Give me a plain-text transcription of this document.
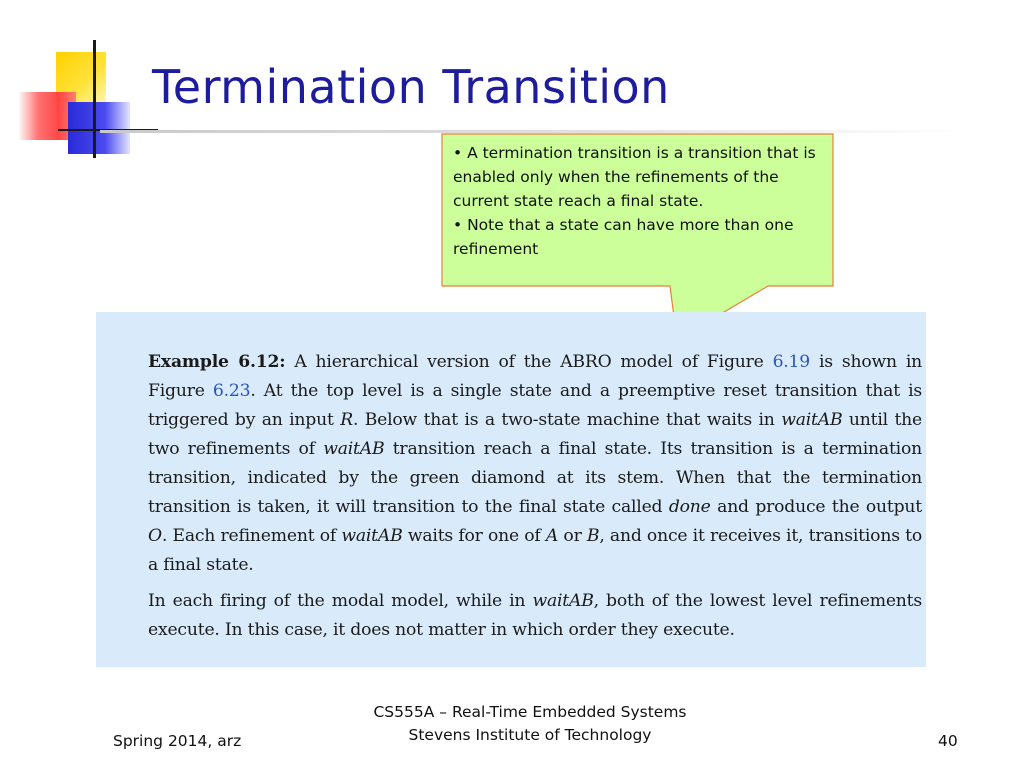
Termination Transition

• A termination transition is a transition that is enabled only when the refinements of the current state reach a final state.

• Note that a state can have more than one refinement

Example 6.12: A hierarchical version of the ABRO model of Figure 6.19 is shown in Figure 6.23. At the top level is a single state and a preemptive reset transition that is triggered by an input R. Below that is a two-state machine that waits in waitAB until the two refinements of waitAB transition reach a final state. Its transition is a termination transition, indicated by the green diamond at its stem. When that the termination transition is taken, it will transition to the final state called done and produce the output O. Each refinement of waitAB waits for one of A or B, and once it receives it, transitions to a final state.

In each firing of the modal model, while in waitAB, both of the lowest level refinements execute. In this case, it does not matter in which order they execute.

Spring 2014, arz
CS555A – Real-Time Embedded Systems
Stevens Institute of Technology	40
